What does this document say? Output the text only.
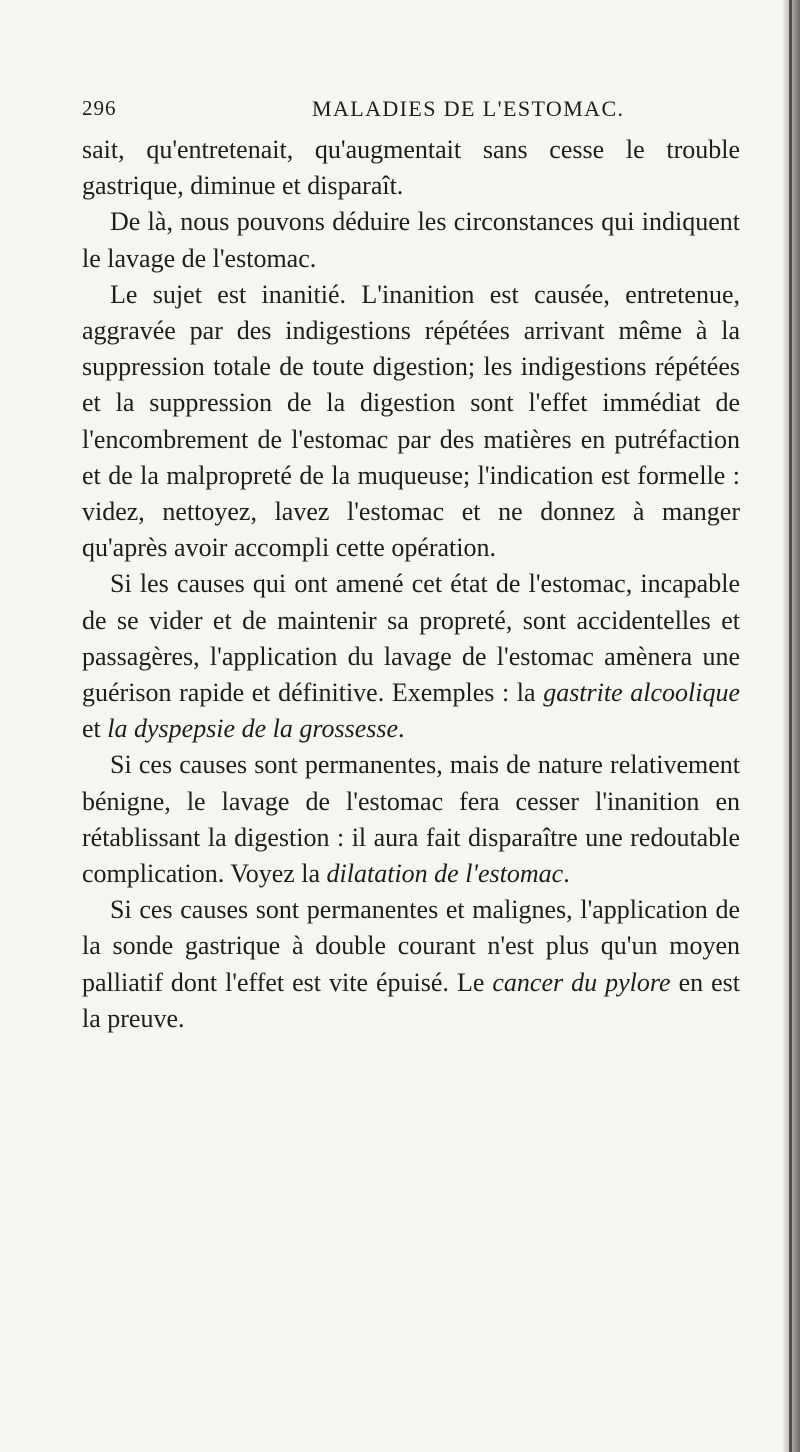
296	MALADIES DE L'ESTOMAC.

sait, qu'entretenait, qu'augmentait sans cesse le trouble gastrique, diminue et disparaît.

De là, nous pouvons déduire les circonstances qui indiquent le lavage de l'estomac.

Le sujet est inanitié. L'inanition est causée, entretenue, aggravée par des indigestions répétées arrivant même à la suppression totale de toute digestion; les indigestions répétées et la suppression de la digestion sont l'effet immédiat de l'encombrement de l'estomac par des matières en putréfaction et de la malpropreté de la muqueuse; l'indication est formelle : videz, nettoyez, lavez l'estomac et ne donnez à manger qu'après avoir accompli cette opération.

Si les causes qui ont amené cet état de l'estomac, incapable de se vider et de maintenir sa propreté, sont accidentelles et passagères, l'application du lavage de l'estomac amènera une guérison rapide et définitive. Exemples : la gastrite alcoolique et la dyspepsie de la grossesse.

Si ces causes sont permanentes, mais de nature relativement bénigne, le lavage de l'estomac fera cesser l'inanition en rétablissant la digestion : il aura fait disparaître une redoutable complication. Voyez la dilatation de l'estomac.

Si ces causes sont permanentes et malignes, l'application de la sonde gastrique à double courant n'est plus qu'un moyen palliatif dont l'effet est vite épuisé. Le cancer du pylore en est la preuve.
